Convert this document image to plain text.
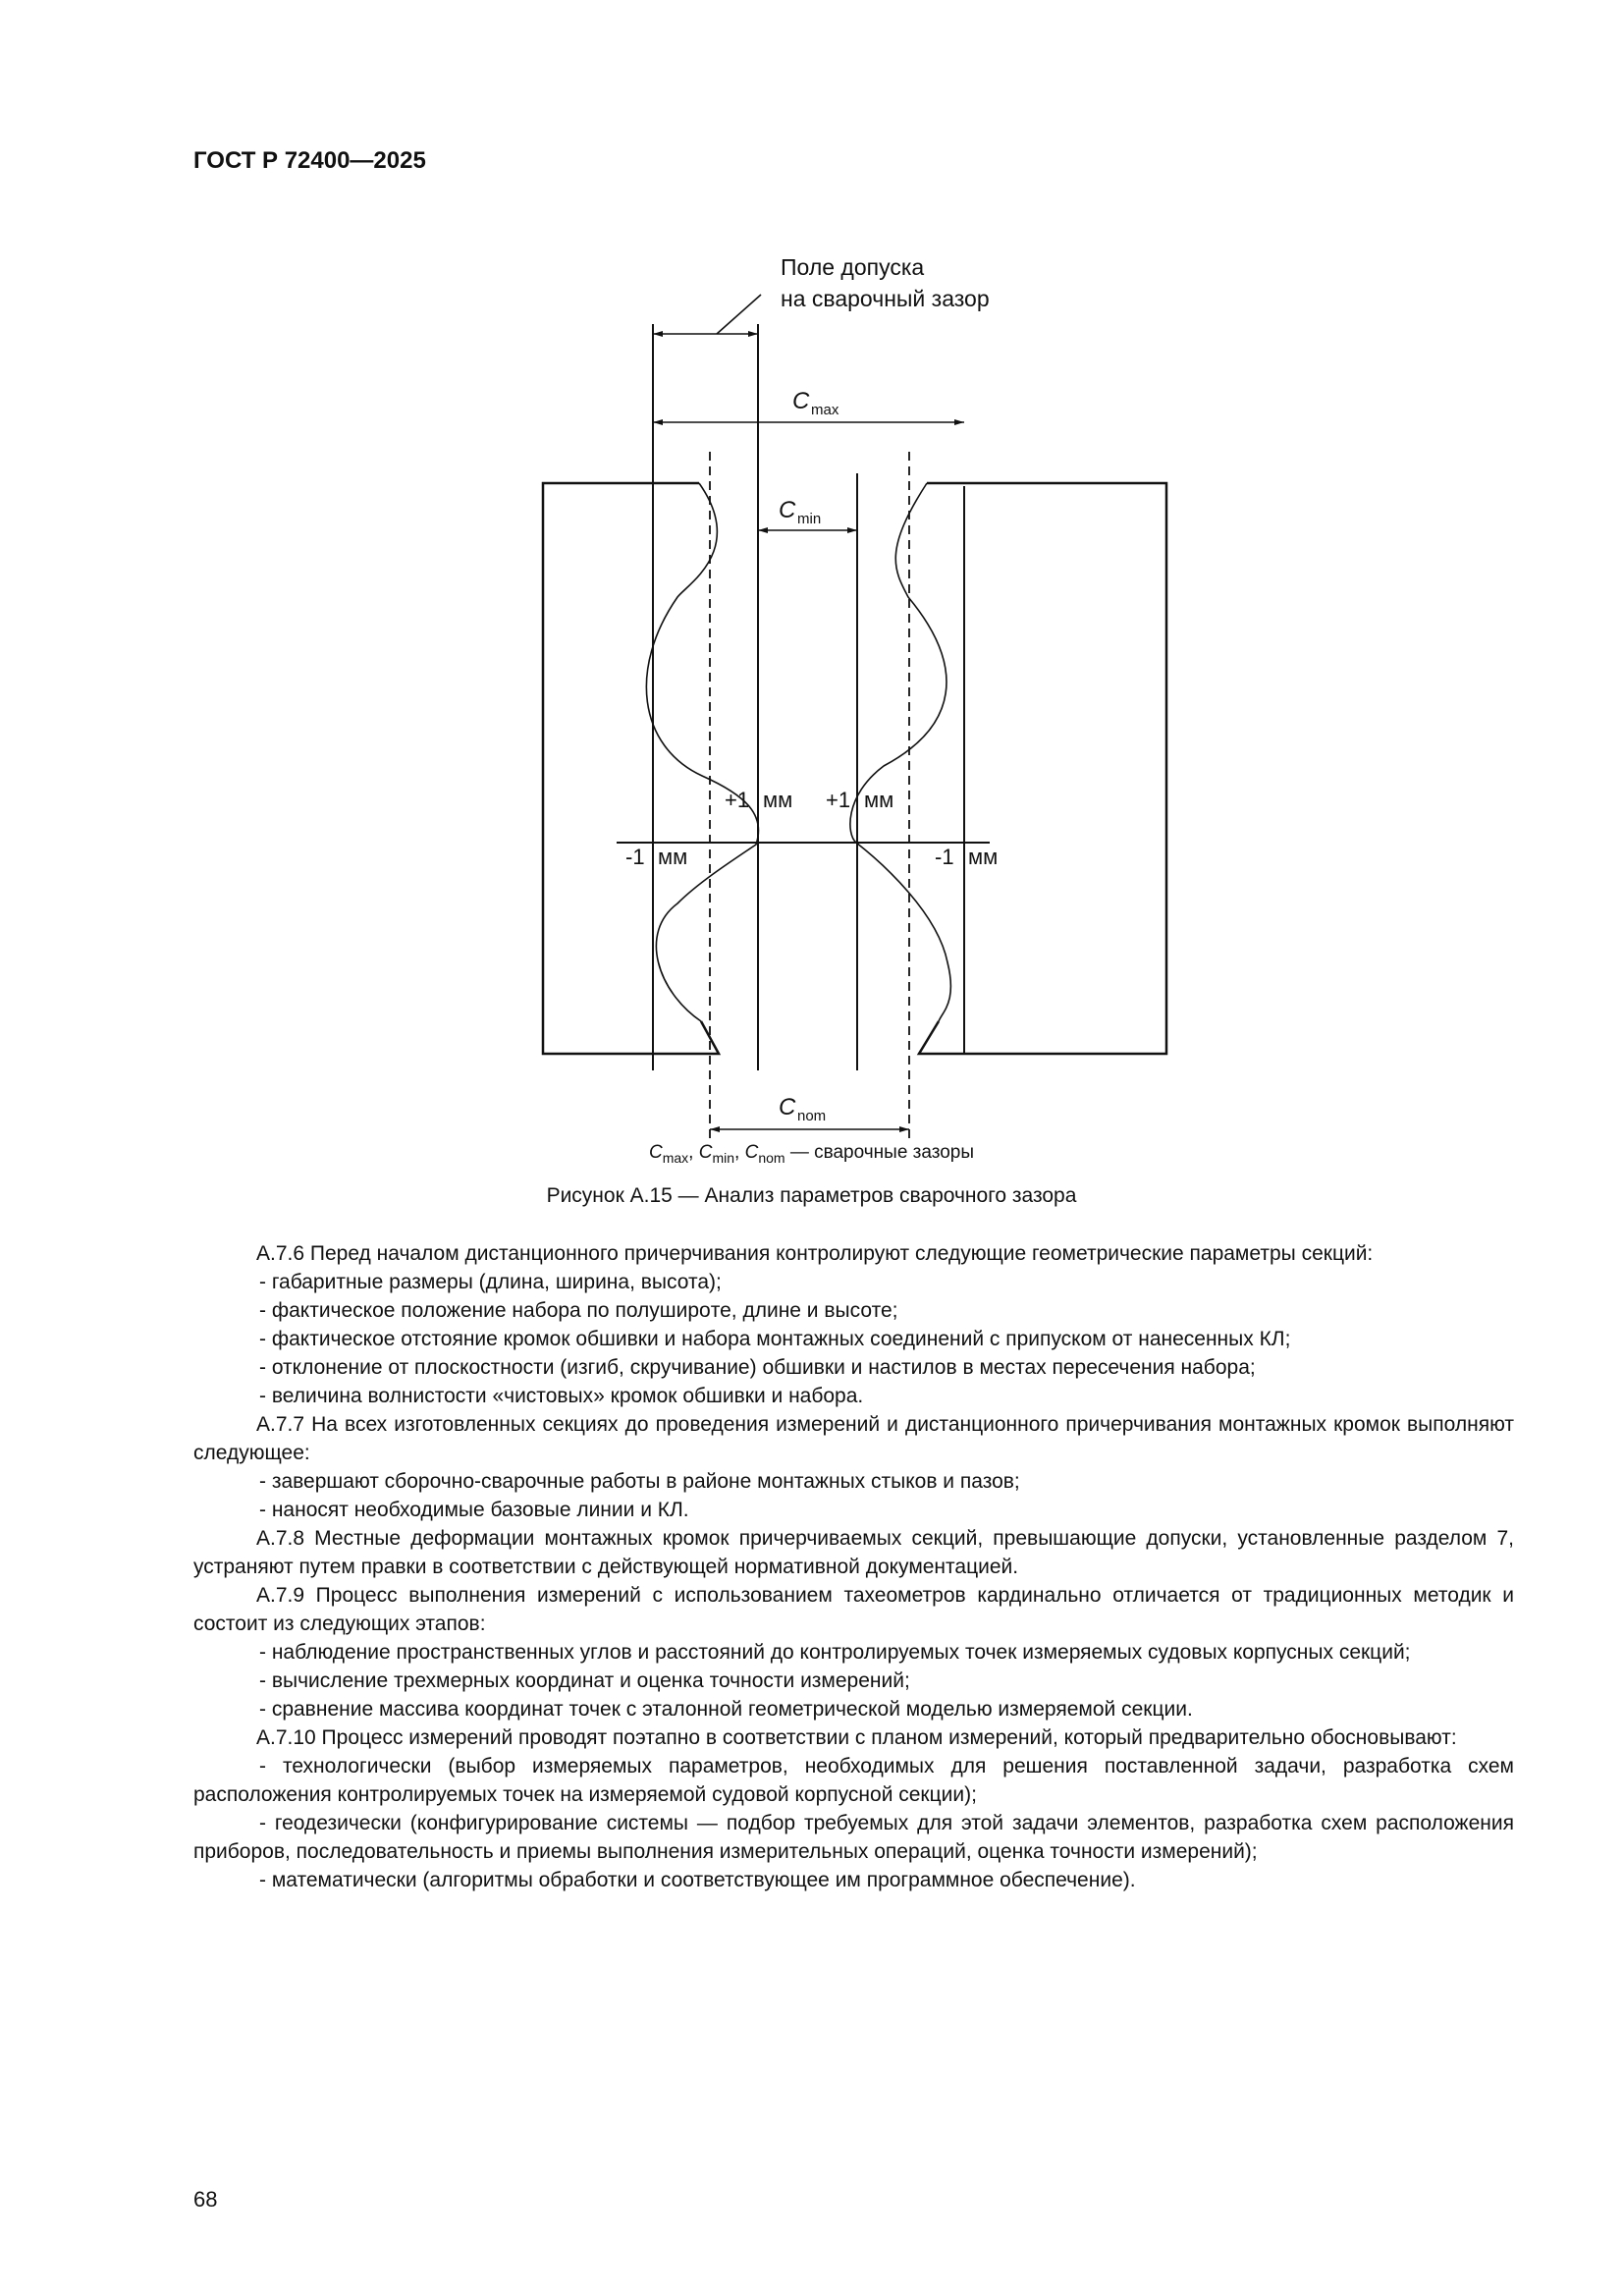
ГОСТ Р 72400—2025
Поле допуска
на сварочный зазор
C max
C min
C nom
+1 мм +1 мм
-1 мм	-1 мм
$C_{max}$, $C_{min}$, $C_{nom}$ — сварочные зазоры
Рисунок А.15 — Анализ параметров сварочного зазора

А.7.6 Перед началом дистанционного причерчивания контролируют следующие геометрические параметры секций:

- габаритные размеры (длина, ширина, высота);

- фактическое положение набора по полуширoте, длине и высоте;

- фактическое отстояние кромок обшивки и набора монтажных соединений с припуском от нанесенных КЛ;

- отклонение от плоскостности (изгиб, скручивание) обшивки и настилов в местах пересечения набора;

- величина волнистости «чистовых» кромок обшивки и набора.

А.7.7 На всех изготовленных секциях до проведения измерений и дистанционного причерчивания монтажных кромок выполняют следующее:

- завершают сборочно-сварочные работы в районе монтажных стыков и пазов;

- наносят необходимые базовые линии и КЛ.

А.7.8 Местные деформации монтажных кромок причерчиваемых секций, превышающие допуски, установленные разделом 7, устраняют путем правки в соответствии с действующей нормативной документацией.

А.7.9 Процесс выполнения измерений с использованием тахеометров кардинально отличается от традиционных методик и состоит из следующих этапов:

- наблюдение пространственных углов и расстояний до контролируемых точек измеряемых судовых корпусных секций;

- вычисление трехмерных координат и оценка точности измерений;

- сравнение массива координат точек с эталонной геометрической моделью измеряемой секции.

А.7.10 Процесс измерений проводят поэтапно в соответствии с планом измерений, который предварительно обосновывают:

- технологически (выбор измеряемых параметров, необходимых для решения поставленной задачи, разработка схем расположения контролируемых точек на измеряемой судовой корпусной секции);

- геодезически (конфигурирование системы — подбор требуемых для этой задачи элементов, разработка схем расположения приборов, последовательность и приемы выполнения измерительных операций, оценка точности измерений);

- математически (алгоритмы обработки и соответствующее им программное обеспечение).

68
